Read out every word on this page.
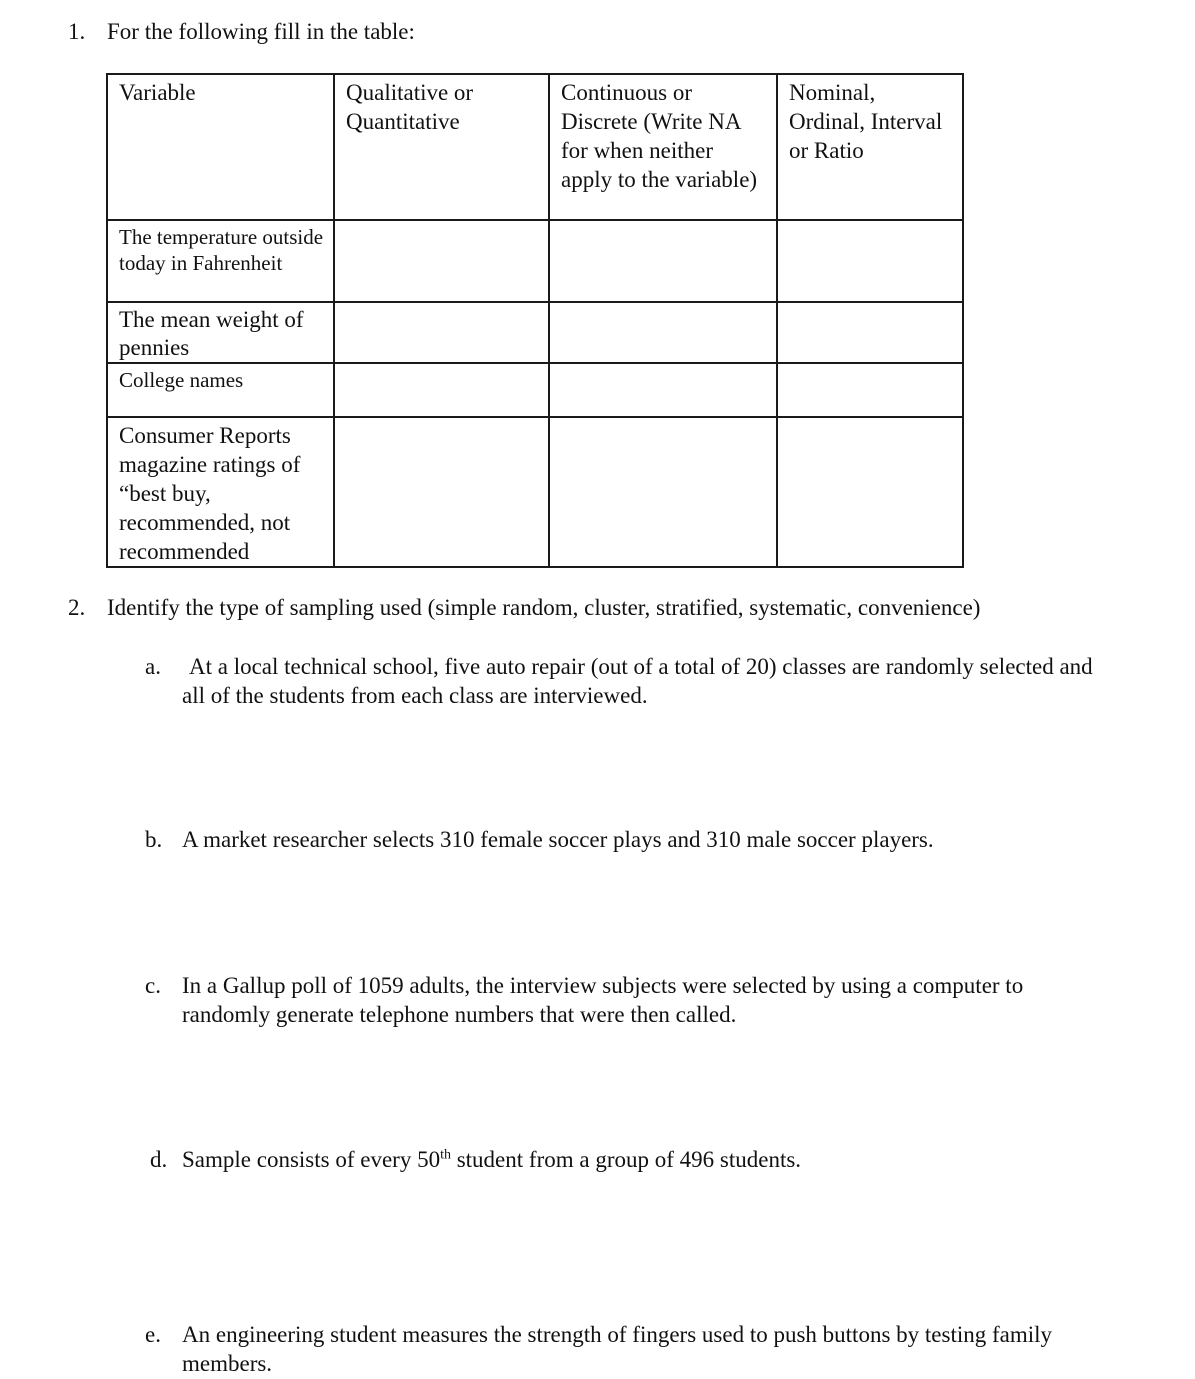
1. For the following fill in the table:
Variable	Qualitative or Quantitative	Continuous or Discrete (Write NA for when neither apply to the variable)	Nominal, Ordinal, Interval or Ratio
The temperature outside today in Fahrenheit			
The mean weight of pennies			
College names			
Consumer Reports magazine ratings of “best buy, recommended, not recommended			
2. Identify the type of sampling used (simple random, cluster, stratified, systematic, convenience)
a.	At a local technical school, five auto repair (out of a total of 20) classes are randomly selected and all of the students from each class are interviewed.
b. A market researcher selects 310 female soccer plays and 310 male soccer players.
c. In a Gallup poll of 1059 adults, the interview subjects were selected by using a computer to randomly generate telephone numbers that were then called.
d. Sample consists of every 50th student from a group of 496 students.
e. An engineering student measures the strength of fingers used to push buttons by testing family members.
